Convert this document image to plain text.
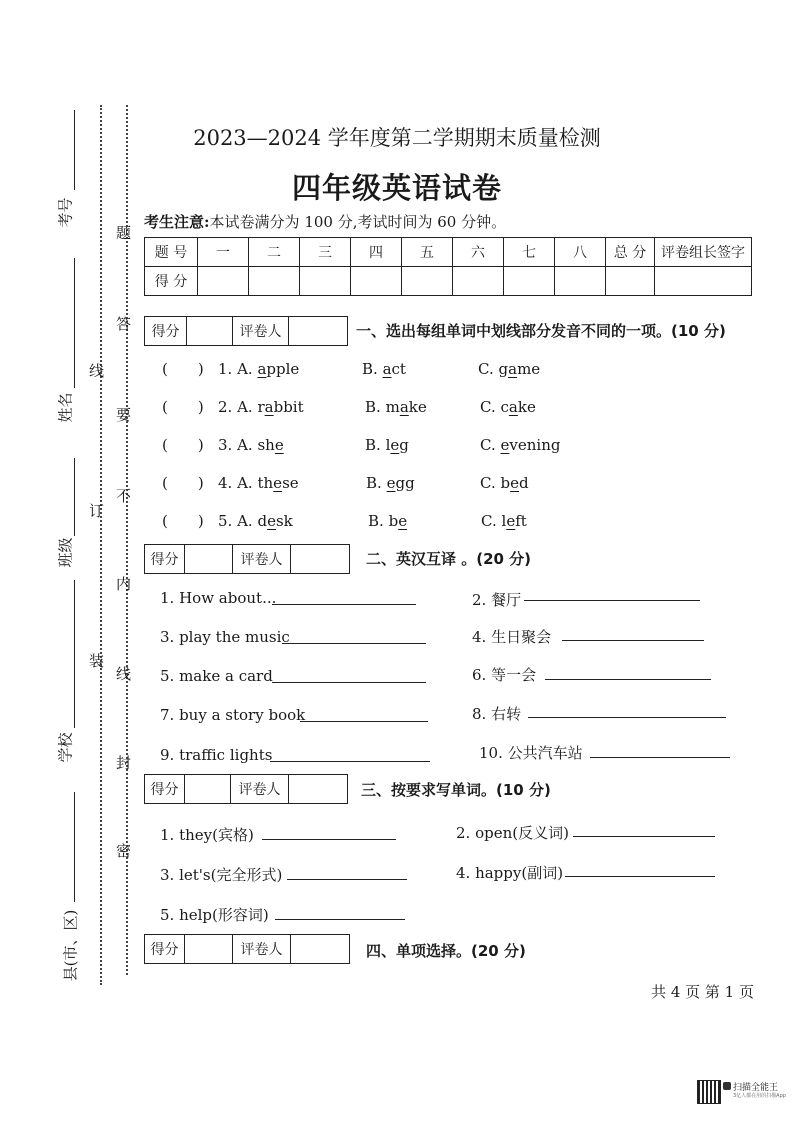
考号
姓名
班级
学校
县(市、区)
装
订
线
题
答
要
不
内
线
封
密
2023—2024 学年度第二学期期末质量检测
四年级英语试卷
考生注意:本试卷满分为 100 分,考试时间为 60 分钟。
题 号	一	二	三	四	五	六	七	八	总 分	评卷组长签字
得 分										
得分	评卷人	一、选出每组单词中划线部分发音不同的一项。(10 分)
( ) 1. A. apple	B. act	C. game
( ) 2. A. rabbit	B. make	C. cake
( ) 3. A. she	B. leg	C. evening
( ) 4. A. these	B. egg	C. bed
( ) 5. A. desk	B. be	C. left
得分	评卷人	二、英汉互译 。(20 分)
1. How about...	2. 餐厅
3. play the music	4. 生日聚会
5. make a card	6. 等一会
7. buy a story book	8. 右转
9. traffic lights	10. 公共汽车站
得分	评卷人	三、按要求写单词。(10 分)
1. they(宾格)	2. open(反义词)
3. let's(完全形式)	4. happy(副词)
5. help(形容词)
得分	评卷人	四、单项选择。(20 分)
共 4 页 第 1 页
扫描全能王
3亿人都在用的扫描App
